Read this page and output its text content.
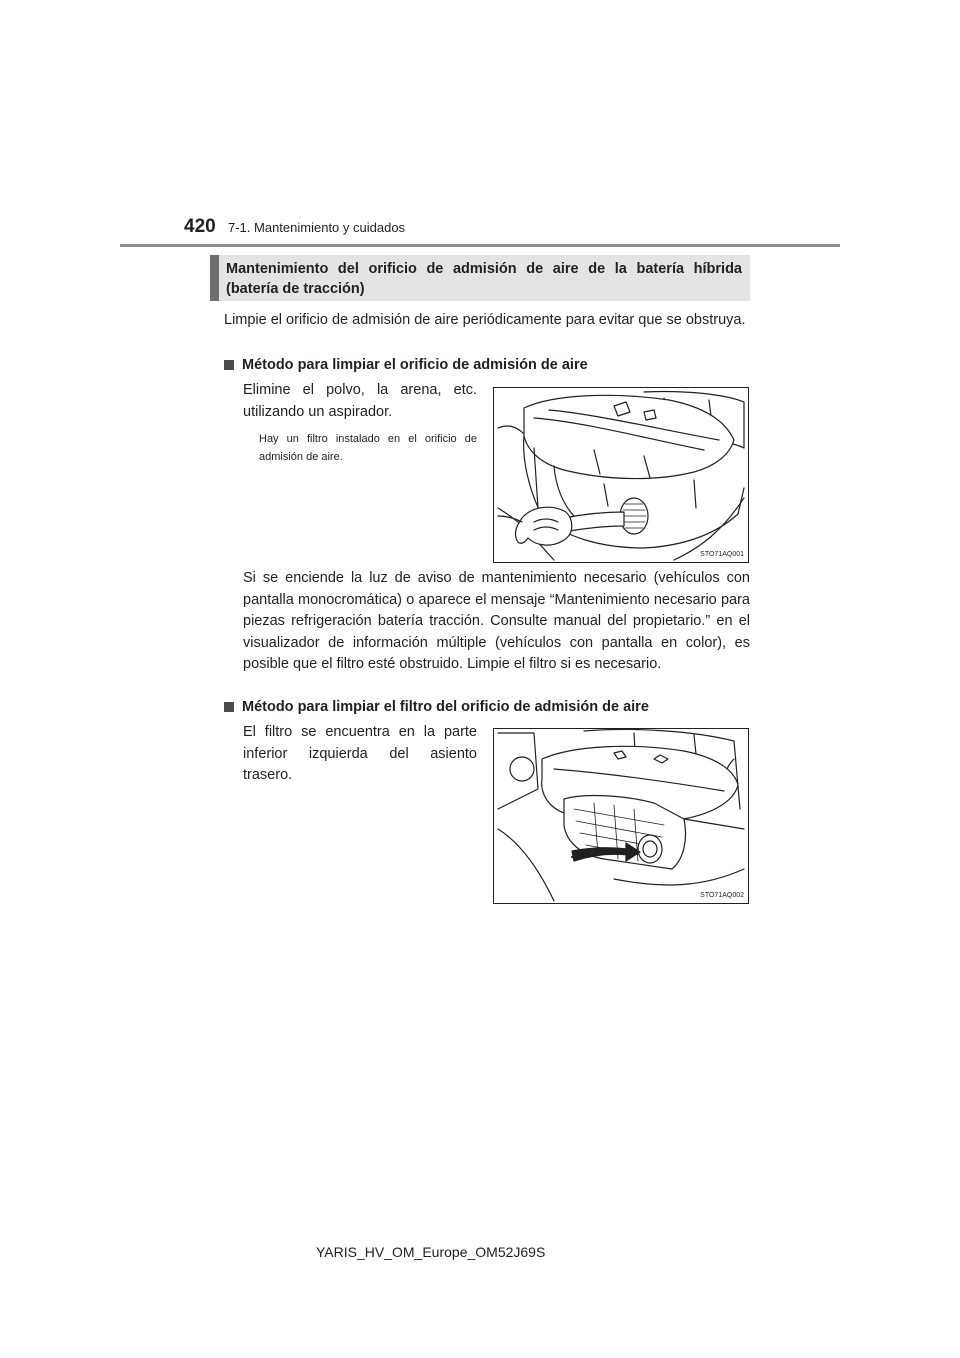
420 7-1. Mantenimiento y cuidados
Mantenimiento del orificio de admisión de aire de la batería híbrida (batería de tracción)
Limpie el orificio de admisión de aire periódicamente para evitar que se obstruya.
Método para limpiar el orificio de admisión de aire
Elimine el polvo, la arena, etc. utilizando un aspirador.
Hay un filtro instalado en el orificio de admisión de aire.
STO71AQ001
Si se enciende la luz de aviso de mantenimiento necesario (vehículos con pantalla monocromática) o aparece el mensaje “Mantenimiento necesario para piezas refrigeración batería tracción. Consulte manual del propietario.” en el visualizador de información múltiple (vehículos con pantalla en color), es posible que el filtro esté obstruido. Limpie el filtro si es necesario.
Método para limpiar el filtro del orificio de admisión de aire
El filtro se encuentra en la parte inferior izquierda del asiento trasero.
STO71AQ002
YARIS_HV_OM_Europe_OM52J69S
